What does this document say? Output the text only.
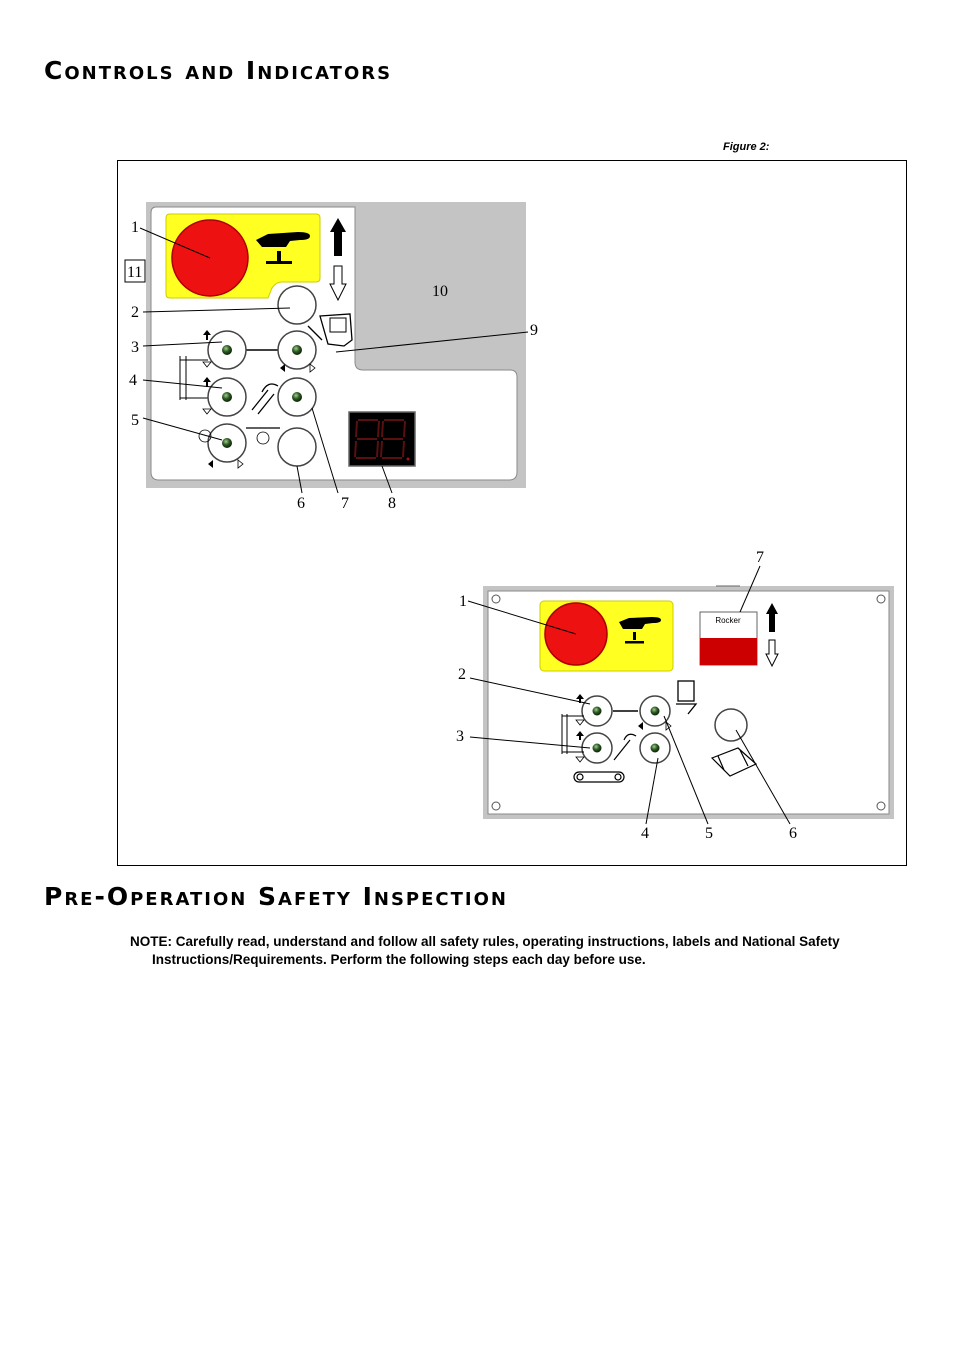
Controls and Indicators
Figure 2:
1
11
2
3
4
5
10
9
6 7 8
Rocker
7
1
2
3
4	5	6
Pre-Operation Safety Inspection
NOTE: Carefully read, understand and follow all safety rules, operating instructions, labels and National Safety
Instructions/Requirements. Perform the following steps each day before use.
